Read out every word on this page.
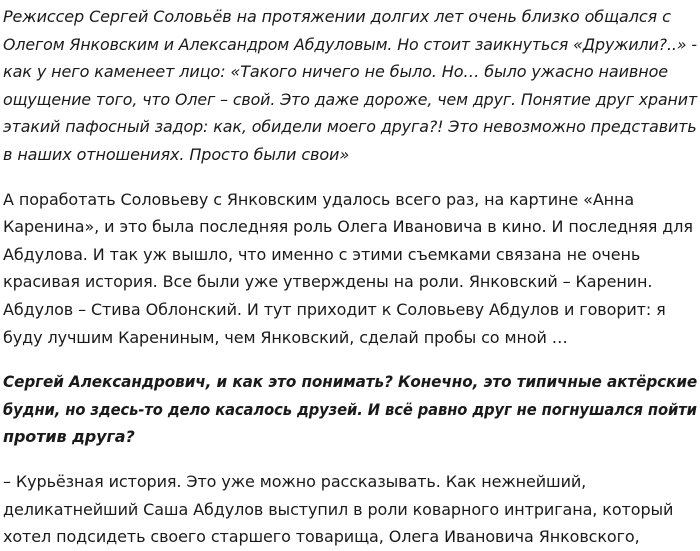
Режиссер Сергей Соловьёв на протяжении долгих лет очень близко общался с
Олегом Янковским и Александром Абдуловым. Но стоит заикнуться «Дружили?..» -
как у него каменеет лицо: «Такого ничего не было. Но… было ужасно наивное
ощущение того, что Олег – свой. Это даже дороже, чем друг. Понятие друг хранит
этакий пафосный задор: как, обидели моего друга?! Это невозможно представить
в наших отношениях. Просто были свои»

А поработать Соловьеву с Янковским удалось всего раз, на картине «Анна
Каренина», и это была последняя роль Олега Ивановича в кино. И последняя для
Абдулова. И так уж вышло, что именно с этими съемками связана не очень
красивая история. Все были уже утверждены на роли. Янковский – Каренин.
Абдулов – Стива Облонский. И тут приходит к Соловьеву Абдулов и говорит: я
буду лучшим Карениным, чем Янковский, сделай пробы со мной …

Сергей Александрович, и как это понимать? Конечно, это типичные актёрские
будни, но здесь-то дело касалось друзей. И всё равно друг не погнушался пойти
против друга?

– Курьёзная история. Это уже можно рассказывать. Как нежнейший,
деликатнейший Саша Абдулов выступил в роли коварного интригана, который
хотел подсидеть своего старшего товарища, Олега Ивановича Янковского,
